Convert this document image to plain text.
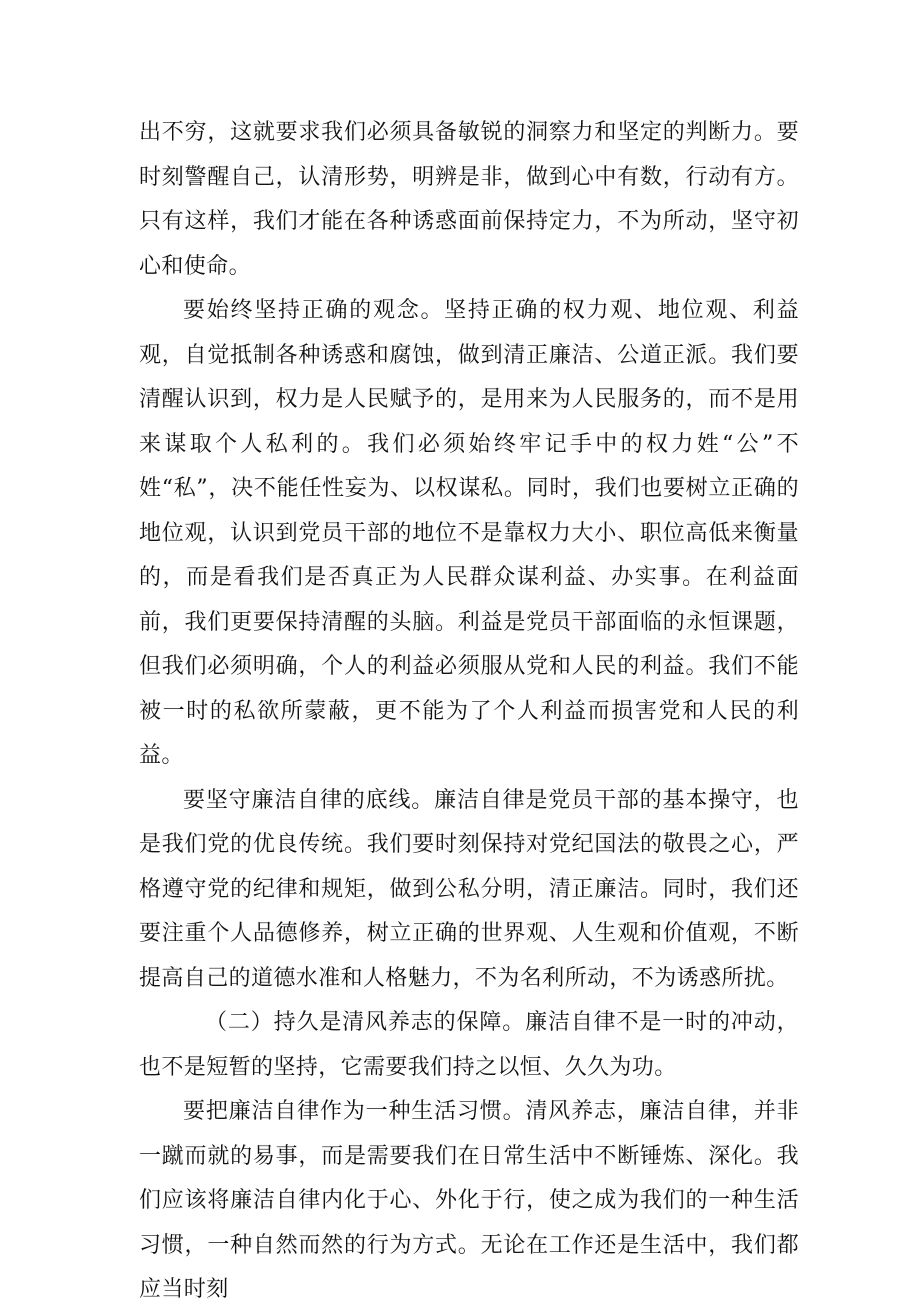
出不穷，这就要求我们必须具备敏锐的洞察力和坚定的判断力。要时刻警醒自己，认清形势，明辨是非，做到心中有数，行动有方。只有这样，我们才能在各种诱惑面前保持定力，不为所动，坚守初心和使命。

要始终坚持正确的观念。坚持正确的权力观、地位观、利益观，自觉抵制各种诱惑和腐蚀，做到清正廉洁、公道正派。我们要清醒认识到，权力是人民赋予的，是用来为人民服务的，而不是用来谋取个人私利的。我们必须始终牢记手中的权力姓“公”不姓“私”，决不能任性妄为、以权谋私。同时，我们也要树立正确的地位观，认识到党员干部的地位不是靠权力大小、职位高低来衡量的，而是看我们是否真正为人民群众谋利益、办实事。在利益面前，我们更要保持清醒的头脑。利益是党员干部面临的永恒课题，但我们必须明确，个人的利益必须服从党和人民的利益。我们不能被一时的私欲所蒙蔽，更不能为了个人利益而损害党和人民的利益。

要坚守廉洁自律的底线。廉洁自律是党员干部的基本操守，也是我们党的优良传统。我们要时刻保持对党纪国法的敬畏之心，严格遵守党的纪律和规矩，做到公私分明，清正廉洁。同时，我们还要注重个人品德修养，树立正确的世界观、人生观和价值观，不断提高自己的道德水准和人格魅力，不为名利所动，不为诱惑所扰。

（二）持久是清风养志的保障。廉洁自律不是一时的冲动，也不是短暂的坚持，它需要我们持之以恒、久久为功。

要把廉洁自律作为一种生活习惯。清风养志，廉洁自律，并非一蹴而就的易事，而是需要我们在日常生活中不断锤炼、深化。我们应该将廉洁自律内化于心、外化于行，使之成为我们的一种生活习惯，一种自然而然的行为方式。无论在工作还是生活中，我们都应当时刻
